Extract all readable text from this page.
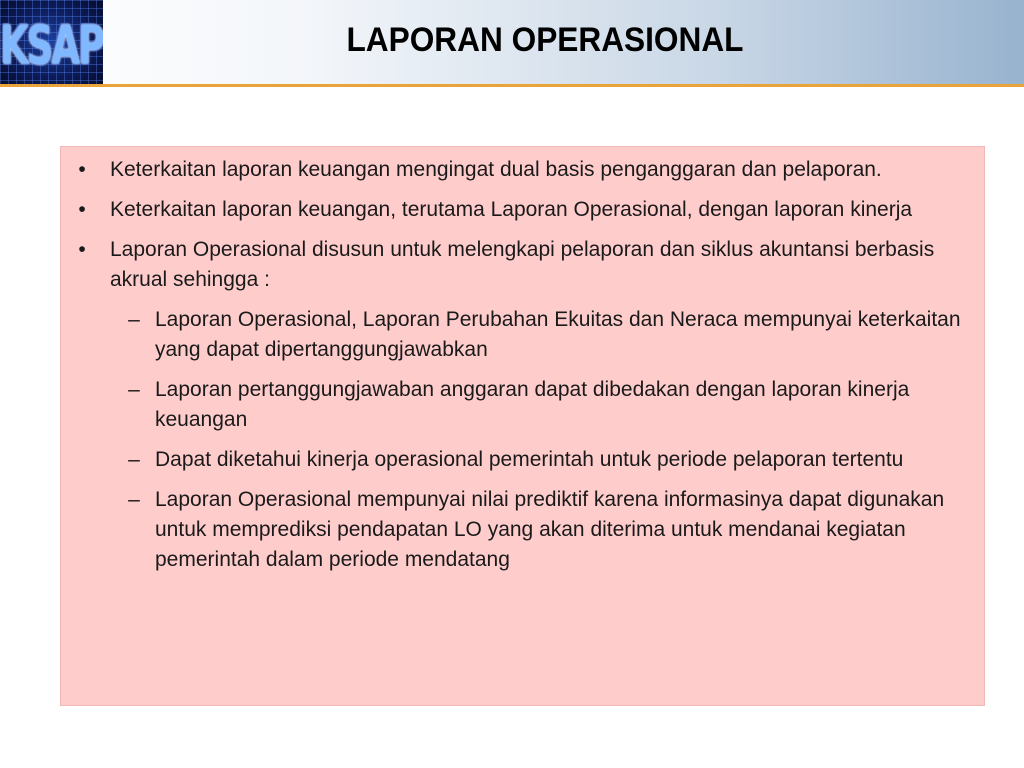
KSAP	LAPORAN OPERASIONAL
•	Keterkaitan laporan keuangan mengingat dual basis penganggaran dan pelaporan.
•	Keterkaitan laporan keuangan, terutama Laporan Operasional, dengan laporan kinerja
•	Laporan Operasional disusun untuk melengkapi pelaporan dan siklus akuntansi berbasis akrual sehingga :
– Laporan Operasional, Laporan Perubahan Ekuitas dan Neraca mempunyai keterkaitan yang dapat dipertanggungjawabkan
– Laporan pertanggungjawaban anggaran dapat dibedakan dengan laporan kinerja keuangan
– Dapat diketahui kinerja operasional pemerintah untuk periode pelaporan tertentu
– Laporan Operasional mempunyai nilai prediktif karena informasinya dapat digunakan untuk memprediksi pendapatan LO yang akan diterima untuk mendanai kegiatan pemerintah dalam periode mendatang
